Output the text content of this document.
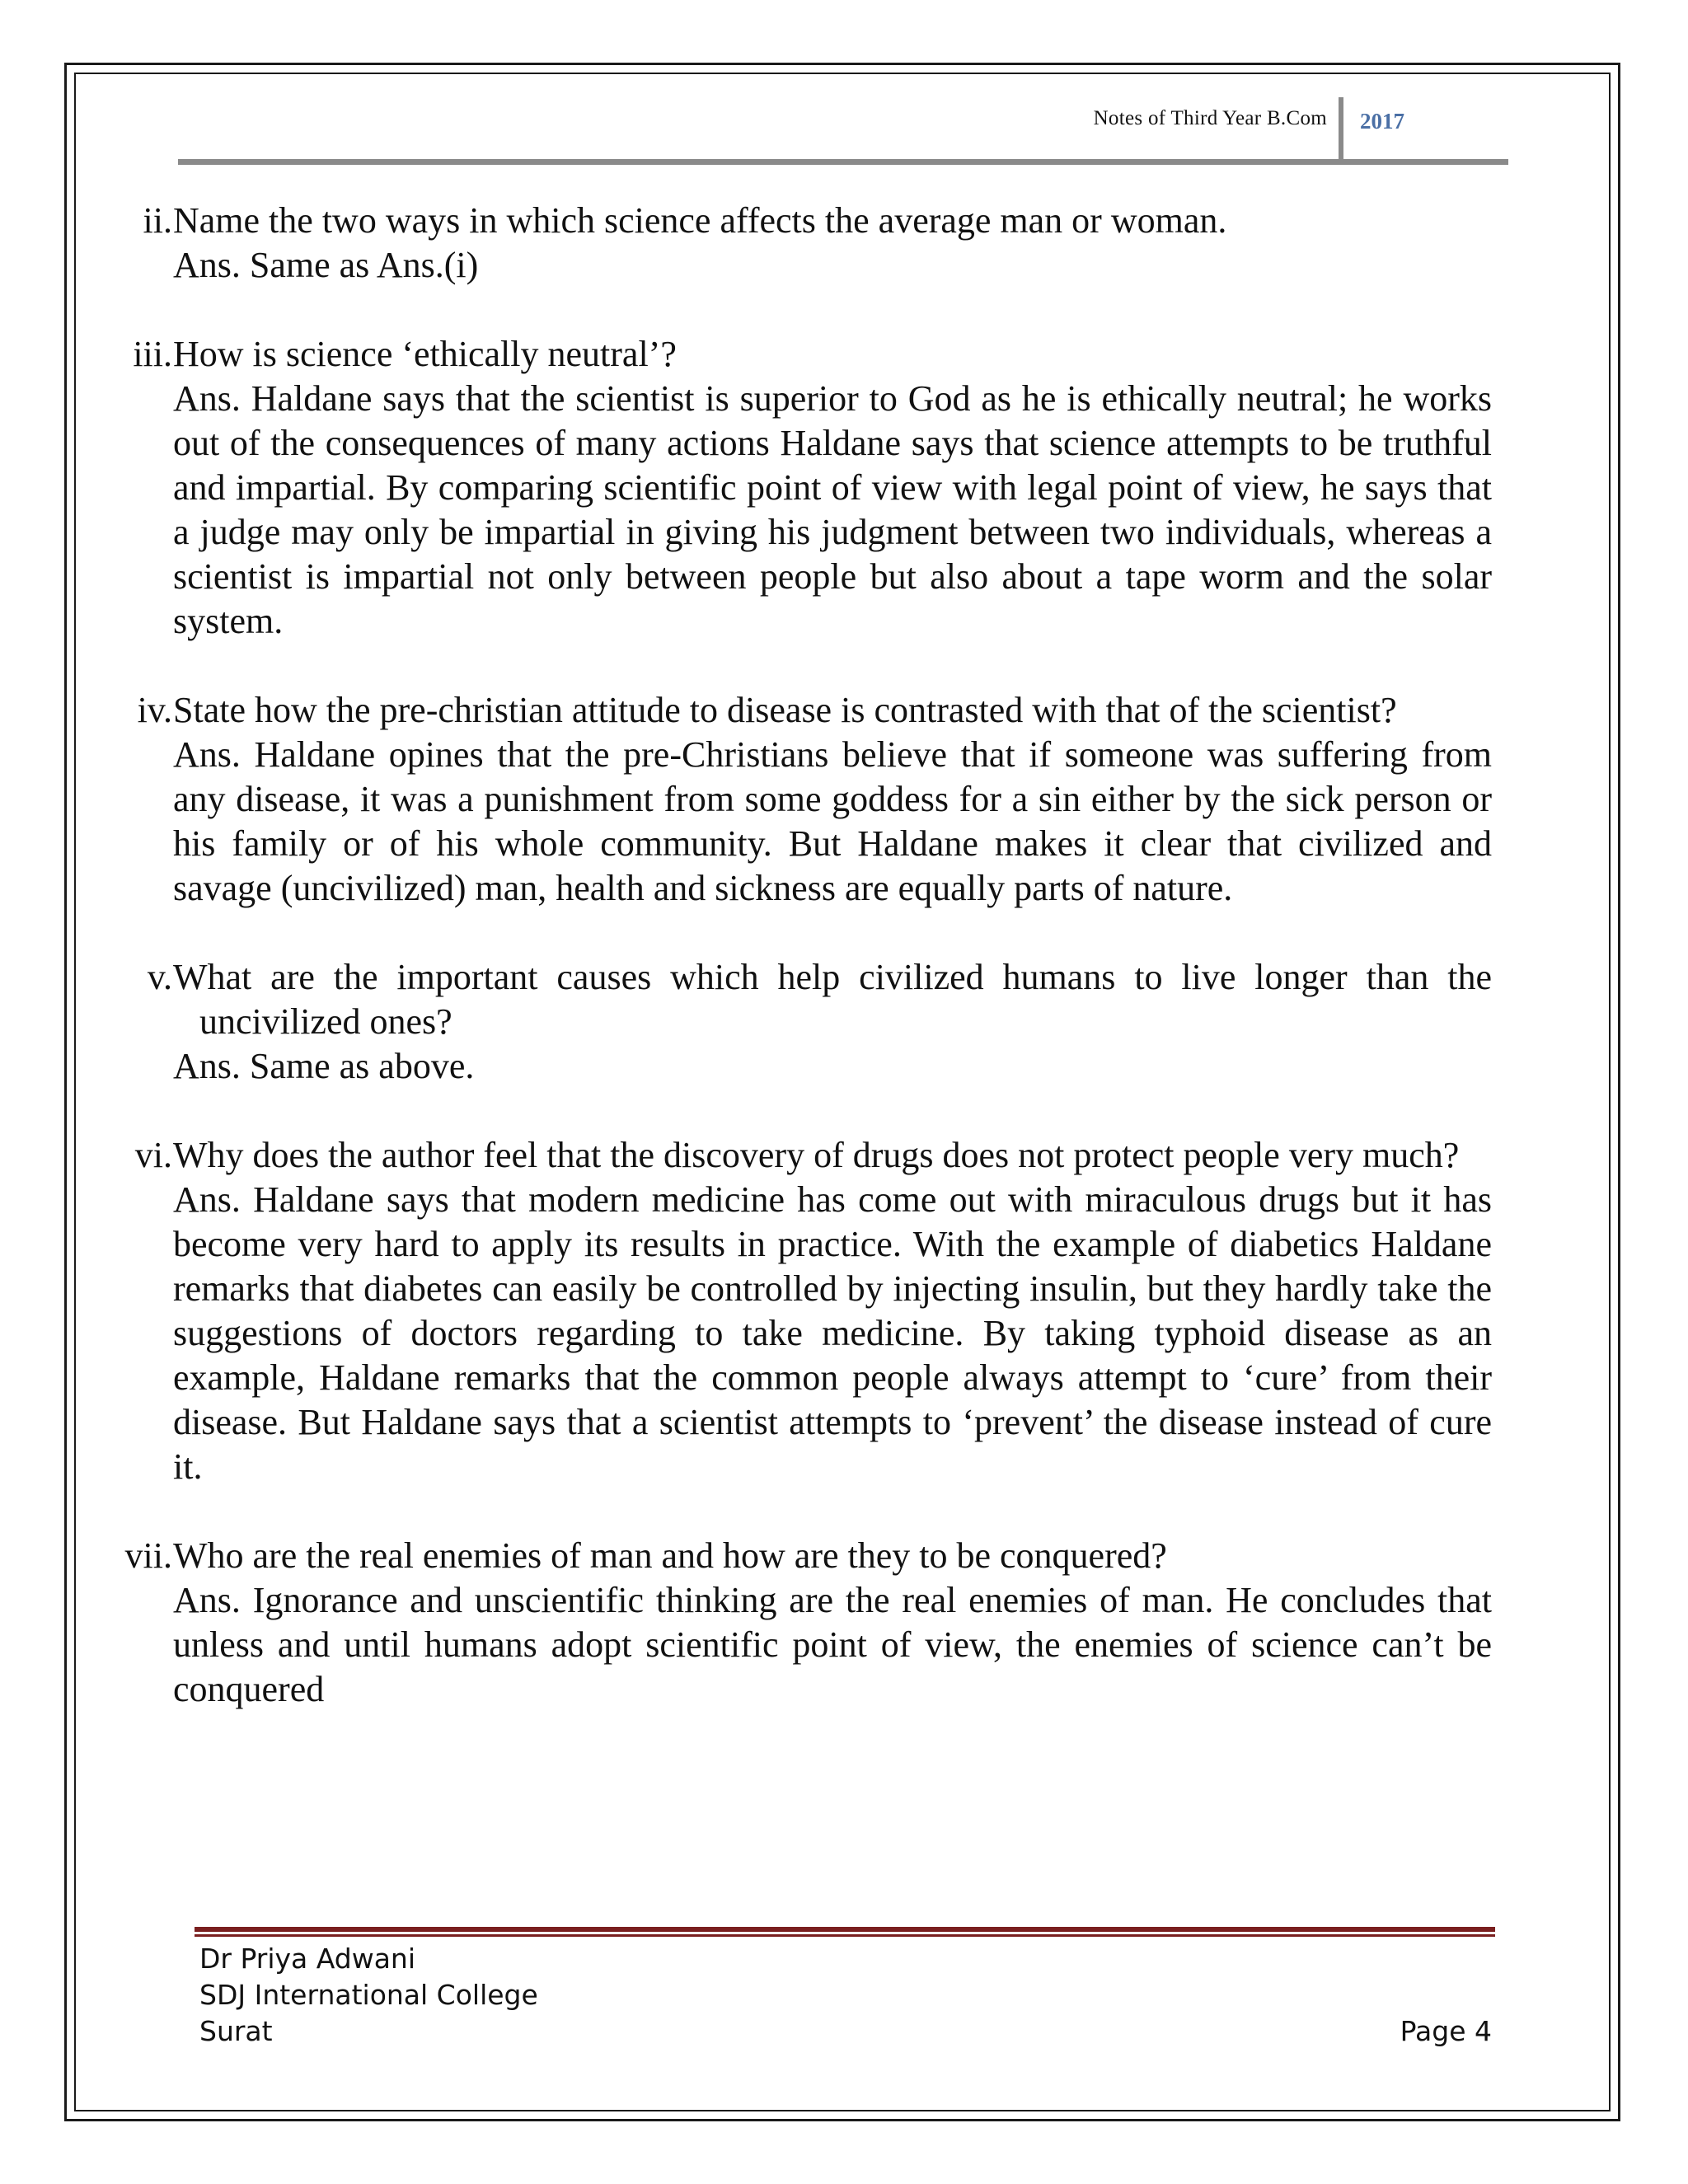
Notes of Third Year B.Com 2017
ii. Name the two ways in which science affects the average man or woman.
Ans. Same as Ans.(i)
iii. How is science ‘ethically neutral’?
Ans. Haldane says that the scientist is superior to God as he is ethically neutral; he works out of the consequences of many actions Haldane says that science attempts to be truthful and impartial. By comparing scientific point of view with legal point of view, he says that a judge may only be impartial in giving his judgment between two individuals, whereas a scientist is impartial not only between people but also about a tape worm and the solar system.
iv. State how the pre-christian attitude to disease is contrasted with that of the scientist?
Ans. Haldane opines that the pre-Christians believe that if someone was suffering from any disease, it was a punishment from some goddess for a sin either by the sick person or his family or of his whole community. But Haldane makes it clear that civilized and savage (uncivilized) man, health and sickness are equally parts of nature.
v. What are the important causes which help civilized humans to live longer than the uncivilized ones?
Ans. Same as above.
vi. Why does the author feel that the discovery of drugs does not protect people very much?
Ans. Haldane says that modern medicine has come out with miraculous drugs but it has become very hard to apply its results in practice. With the example of diabetics Haldane remarks that diabetes can easily be controlled by injecting insulin, but they hardly take the suggestions of doctors regarding to take medicine. By taking typhoid disease as an example, Haldane remarks that the common people always attempt to ‘cure’ from their disease. But Haldane says that a scientist attempts to ‘prevent’ the disease instead of cure it.
vii. Who are the real enemies of man and how are they to be conquered?
Ans. Ignorance and unscientific thinking are the real enemies of man. He concludes that unless and until humans adopt scientific point of view, the enemies of science can’t be conquered
Dr Priya Adwani
SDJ International College
Surat	Page 4
